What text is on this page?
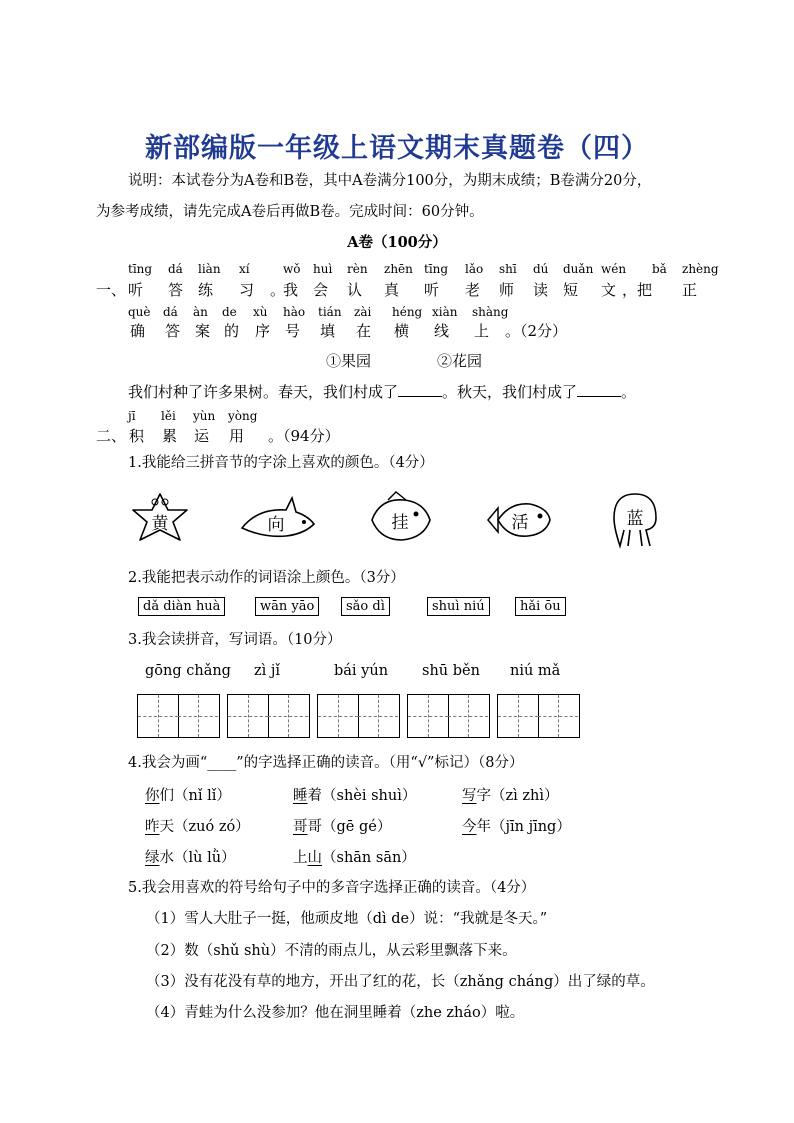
新部编版一年级上语文期末真题卷（四）
说明：本试卷分为A卷和B卷，其中A卷满分100分，为期末成绩；B卷满分20分，
为参考成绩，请先完成A卷后再做B卷。完成时间：60分钟。
A卷（100分）
一、
tīng
听
dá
答
liàn
练
xí
习 。
wǒ
我
huì
会
rèn
认
zhēn
真
tīng
听
lǎo
老
shī
师
dú
读
duǎn
短
wén
文 ，把
bǎ zhèng
正
què
确
dá
答
àn
案
de
的
xù
序
hào
号
tián
填
zài
在
héng
横
xiàn
线
shàng
上 。（2分）
①果园	②花园
我们村种了许多果树。春天，我们村成了	。秋天，我们村成了	。
二、
jī
积
lěi
累
yùn
运
yòng
用 。（94分）
1.我能给三拼音节的字涂上喜欢的颜色。（4分）
黄	向	挂	活	蓝
2.我能把表示动作的词语涂上颜色。（3分）
dǎ diàn huà	wān yāo	sǎo dì	shuì niú	hǎi ōu
3.我会读拼音，写词语。（10分）
gōng chǎng zì jǐ	bái yún shū běn niú mǎ
4.我会为画“____”的字选择正确的读音。（用“√”标记）（8分）
你们（nǐ lǐ）	睡着（shèi shuì）	写字（zì zhì）
昨天（zuó zó）	哥哥（gē gé）	今年（jīn jīng）
绿水（lù lǜ）	上山（shān sān）
5.我会用喜欢的符号给句子中的多音字选择正确的读音。（4分）
（1）雪人大肚子一挺，他顽皮地（dì de）说：“我就是冬天。”
（2）数（shǔ shù）不清的雨点儿，从云彩里飘落下来。
（3）没有花没有草的地方，开出了红的花，长（zhǎng cháng）出了绿的草。
（4）青蛙为什么没参加？他在洞里睡着（zhe zháo）啦。
